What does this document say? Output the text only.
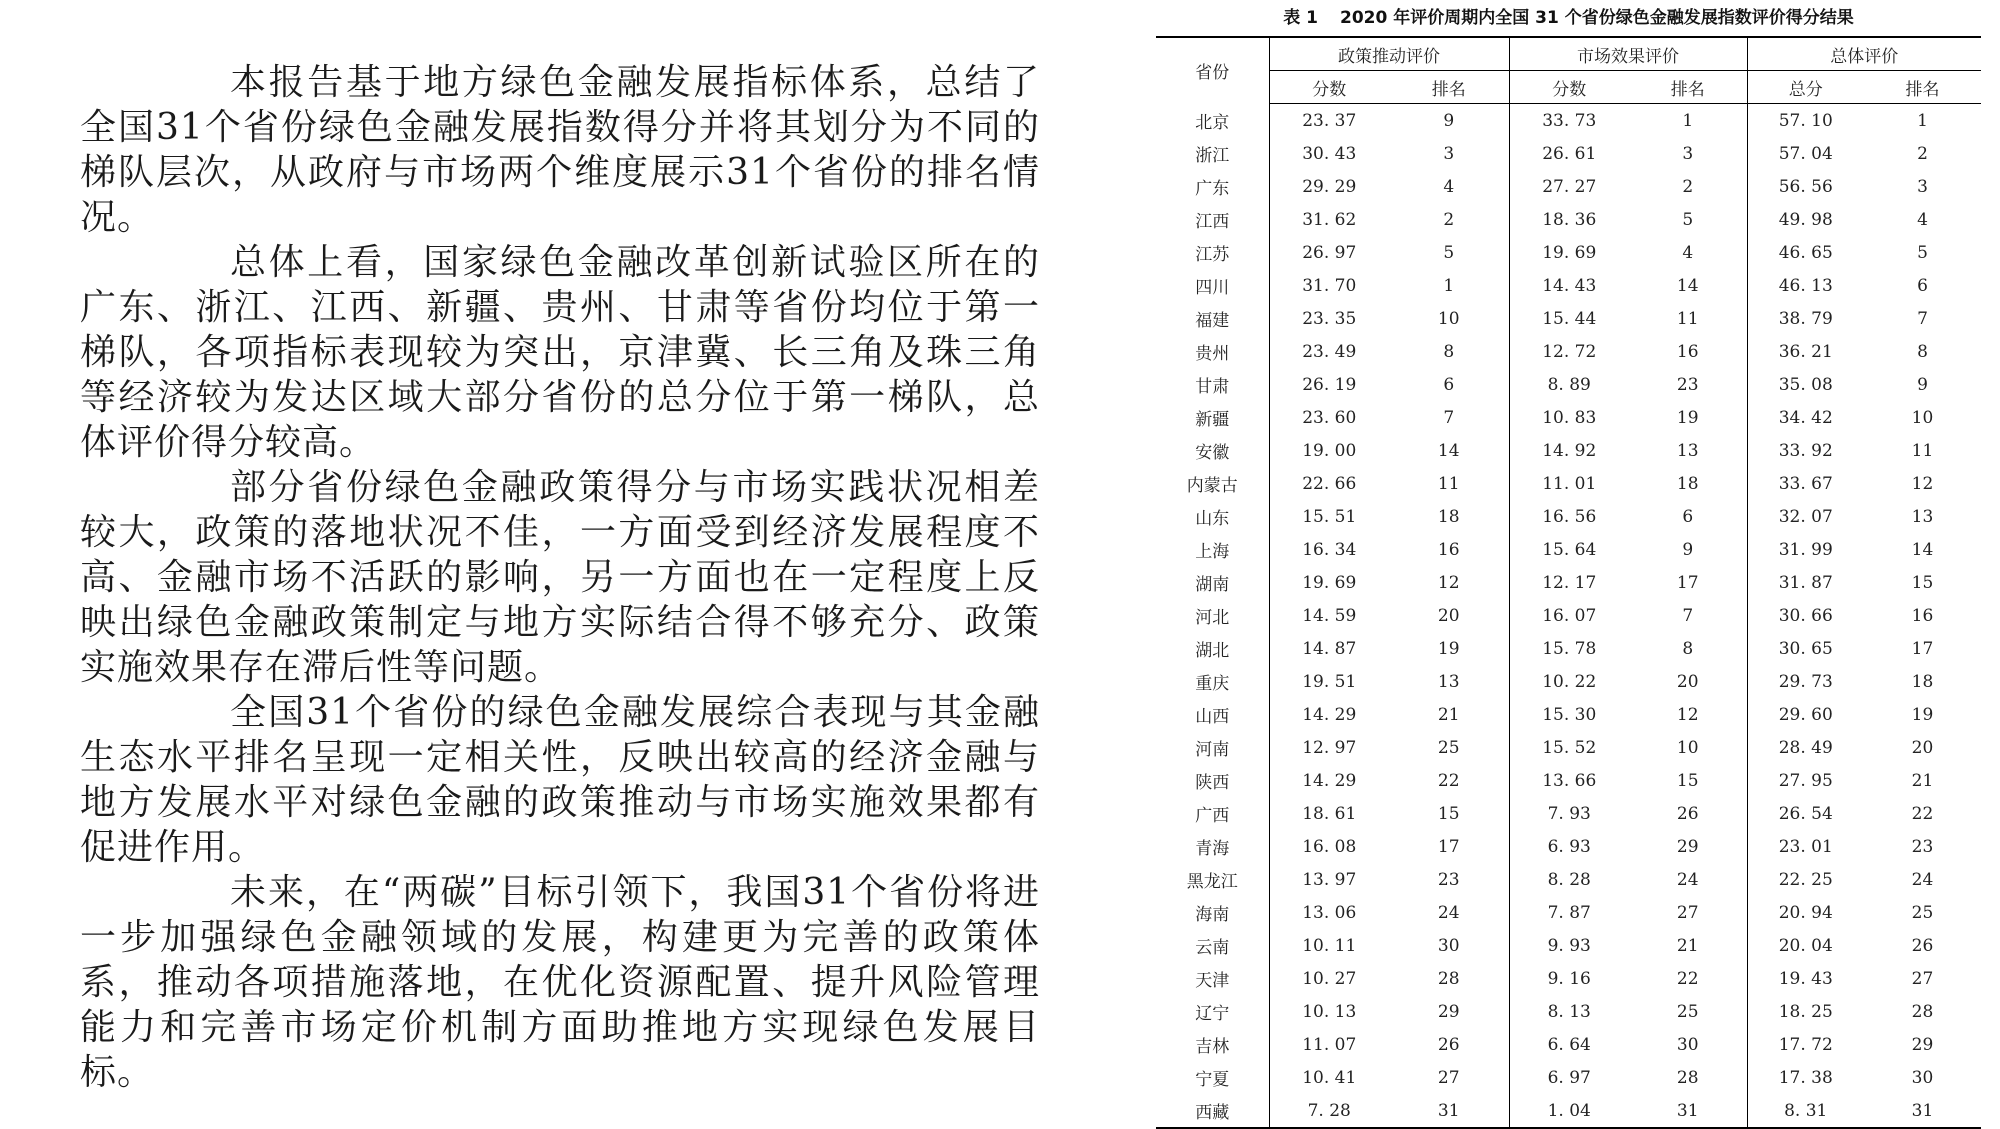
本报告基于地方绿色金融发展指标体系，总结了全国31个省份绿色金融发展指数得分并将其划分为不同的梯队层次，从政府与市场两个维度展示31个省份的排名情况。

总体上看，国家绿色金融改革创新试验区所在的广东、浙江、江西、新疆、贵州、甘肃等省份均位于第一梯队，各项指标表现较为突出，京津冀、长三角及珠三角等经济较为发达区域大部分省份的总分位于第一梯队，总体评价得分较高。

部分省份绿色金融政策得分与市场实践状况相差较大，政策的落地状况不佳，一方面受到经济发展程度不高、金融市场不活跃的影响，另一方面也在一定程度上反映出绿色金融政策制定与地方实际结合得不够充分、政策实施效果存在滞后性等问题。

全国31个省份的绿色金融发展综合表现与其金融生态水平排名呈现一定相关性，反映出较高的经济金融与地方发展水平对绿色金融的政策推动与市场实施效果都有促进作用。

未来，在“两碳”目标引领下，我国31个省份将进一步加强绿色金融领域的发展，构建更为完善的政策体系，推动各项措施落地，在优化资源配置、提升风险管理能力和完善市场定价机制方面助推地方实现绿色发展目标。

表 1 2020 年评价周期内全国 31 个省份绿色金融发展指数评价得分结果
省份	政策推动评价		市场效果评价		总体评价	
	分数	排名	分数	排名	总分	排名
北京	23. 37	9	33. 73	1	57. 10	1
浙江	30. 43	3	26. 61	3	57. 04	2
广东	29. 29	4	27. 27	2	56. 56	3
江西	31. 62	2	18. 36	5	49. 98	4
江苏	26. 97	5	19. 69	4	46. 65	5
四川	31. 70	1	14. 43	14	46. 13	6
福建	23. 35	10	15. 44	11	38. 79	7
贵州	23. 49	8	12. 72	16	36. 21	8
甘肃	26. 19	6	8. 89	23	35. 08	9
新疆	23. 60	7	10. 83	19	34. 42	10
安徽	19. 00	14	14. 92	13	33. 92	11
内蒙古	22. 66	11	11. 01	18	33. 67	12
山东	15. 51	18	16. 56	6	32. 07	13
上海	16. 34	16	15. 64	9	31. 99	14
湖南	19. 69	12	12. 17	17	31. 87	15
河北	14. 59	20	16. 07	7	30. 66	16
湖北	14. 87	19	15. 78	8	30. 65	17
重庆	19. 51	13	10. 22	20	29. 73	18
山西	14. 29	21	15. 30	12	29. 60	19
河南	12. 97	25	15. 52	10	28. 49	20
陕西	14. 29	22	13. 66	15	27. 95	21
广西	18. 61	15	7. 93	26	26. 54	22
青海	16. 08	17	6. 93	29	23. 01	23
黑龙江	13. 97	23	8. 28	24	22. 25	24
海南	13. 06	24	7. 87	27	20. 94	25
云南	10. 11	30	9. 93	21	20. 04	26
天津	10. 27	28	9. 16	22	19. 43	27
辽宁	10. 13	29	8. 13	25	18. 25	28
吉林	11. 07	26	6. 64	30	17. 72	29
宁夏	10. 41	27	6. 97	28	17. 38	30
西藏	7. 28	31	1. 04	31	8. 31	31
